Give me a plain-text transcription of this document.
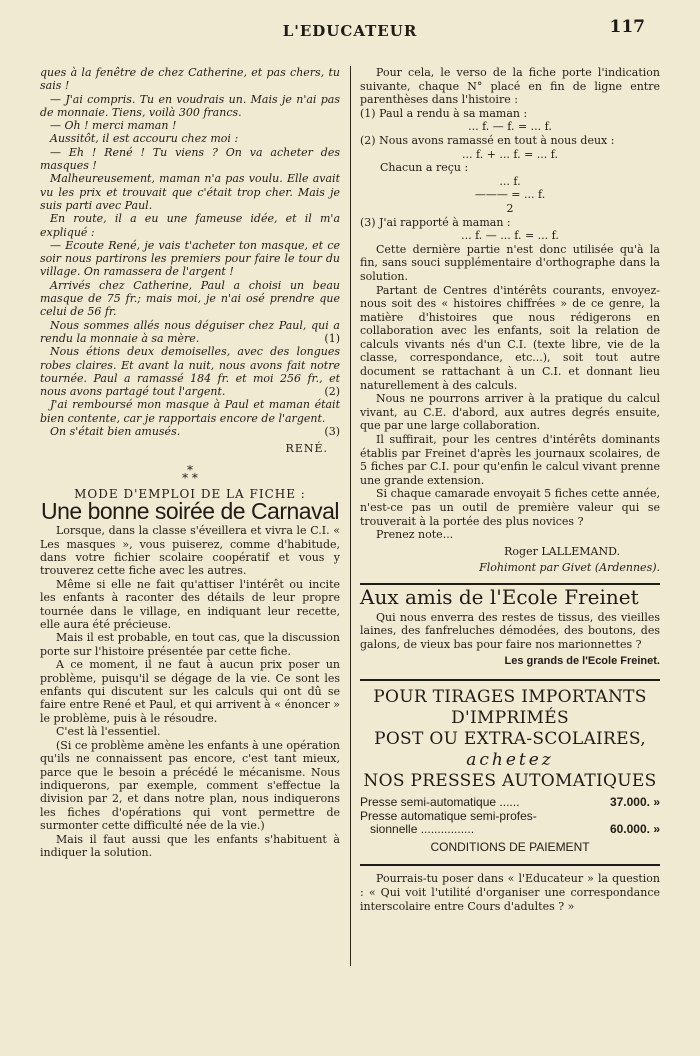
L'EDUCATEUR	117

ques à la fenêtre de chez Catherine, et pas chers, tu sais !

— J'ai compris. Tu en voudrais un. Mais je n'ai pas de monnaie. Tiens, voilà 300 francs.

— Oh ! merci maman !

Aussitôt, il est accouru chez moi :

— Eh ! René ! Tu viens ? On va acheter des masques !

Malheureusement, maman n'a pas voulu. Elle avait vu les prix et trouvait que c'était trop cher. Mais je suis parti avec Paul.

En route, il a eu une fameuse idée, et il m'a expliqué :

— Ecoute René, je vais t'acheter ton masque, et ce soir nous partirons les premiers pour faire le tour du village. On ramassera de l'argent !

Arrivés chez Catherine, Paul a choisi un beau masque de 75 fr.; mais moi, je n'ai osé prendre que celui de 56 fr.

Nous sommes allés nous déguiser chez Paul, qui a rendu la monnaie à sa mère.	(1)

Nous étions deux demoiselles, avec des longues robes claires. Et avant la nuit, nous avons fait notre tournée. Paul a ramassé 184 fr. et moi 256 fr., et nous avons partagé tout l'argent.	(2)

J'ai remboursé mon masque à Paul et maman était bien contente, car je rapportais encore de l'argent.
(3)

On s'était bien amusés.

RENÉ.
*
* *

MODE D'EMPLOI DE LA FICHE :

Une bonne soirée de Carnaval

Lorsque, dans la classe s'éveillera et vivra le C.I. « Les masques », vous puiserez, comme d'habitude, dans votre fichier scolaire coopératif et vous y trouverez cette fiche avec les autres.

Même si elle ne fait qu'attiser l'intérêt ou incite les enfants à raconter des détails de leur propre tournée dans le village, en indiquant leur recette, elle aura été précieuse.

Mais il est probable, en tout cas, que la discussion porte sur l'histoire présentée par cette fiche.

A ce moment, il ne faut à aucun prix poser un problème, puisqu'il se dégage de la vie. Ce sont les enfants qui discutent sur les calculs qui ont dû se faire entre René et Paul, et qui arrivent à « énoncer » le problème, puis à le résoudre.

C'est là l'essentiel.

(Si ce problème amène les enfants à une opération qu'ils ne connaissent pas encore, c'est tant mieux, parce que le besoin a précédé le mécanisme. Nous indiquerons, par exemple, comment s'effectue la division par 2, et dans notre plan, nous indiquerons les fiches d'opérations qui vont permettre de surmonter cette difficulté née de la vie.)

Mais il faut aussi que les enfants s'habituent à indiquer la solution.

Pour cela, le verso de la fiche porte l'indication suivante, chaque N° placé en fin de ligne entre parenthèses dans l'histoire :

(1) Paul a rendu à sa maman :

... f. — f. = ... f.

(2) Nous avons ramassé en tout à nous deux :

... f. + ... f. = ... f.

Chacun a reçu :

... f.

——— = ... f.

2

(3) J'ai rapporté à maman :

... f. — ... f. = ... f.

Cette dernière partie n'est donc utilisée qu'à la fin, sans souci supplémentaire d'orthographe dans la solution.

Partant de Centres d'intérêts courants, envoyez-nous soit des « histoires chiffrées » de ce genre, la matière d'histoires que nous rédigerons en collaboration avec les enfants, soit la relation de calculs vivants nés d'un C.I. (texte libre, vie de la classe, correspondance, etc...), soit tout autre document se rattachant à un C.I. et donnant lieu naturellement à des calculs.

Nous ne pourrons arriver à la pratique du calcul vivant, au C.E. d'abord, aux autres degrés ensuite, que par une large collaboration.

Il suffirait, pour les centres d'intérêts dominants établis par Freinet d'après les journaux scolaires, de 5 fiches par C.I. pour qu'enfin le calcul vivant prenne une grande extension.

Si chaque camarade envoyait 5 fiches cette année, n'est-ce pas un outil de première valeur qui se trouverait à la portée des plus novices ?

Prenez note...

Roger LALLEMAND.

Flohimont par Givet (Ardennes).

Aux amis de l'Ecole Freinet

Qui nous enverra des restes de tissus, des vieilles laines, des fanfreluches démodées, des boutons, des galons, de vieux bas pour faire nos marionnettes ?

Les grands de l'Ecole Freinet.

POUR TIRAGES IMPORTANTS

D'IMPRIMÉS

POST OU EXTRA-SCOLAIRES,

achetez

NOS PRESSES AUTOMATIQUES

Presse semi-automatique ......	37.000. »

Presse automatique semi-profes-

sionnelle ................	60.000. »
CONDITIONS DE PAIEMENT

Pourrais-tu poser dans « l'Educateur » la question : « Qui voit l'utilité d'organiser une correspondance interscolaire entre Cours d'adultes ? »
